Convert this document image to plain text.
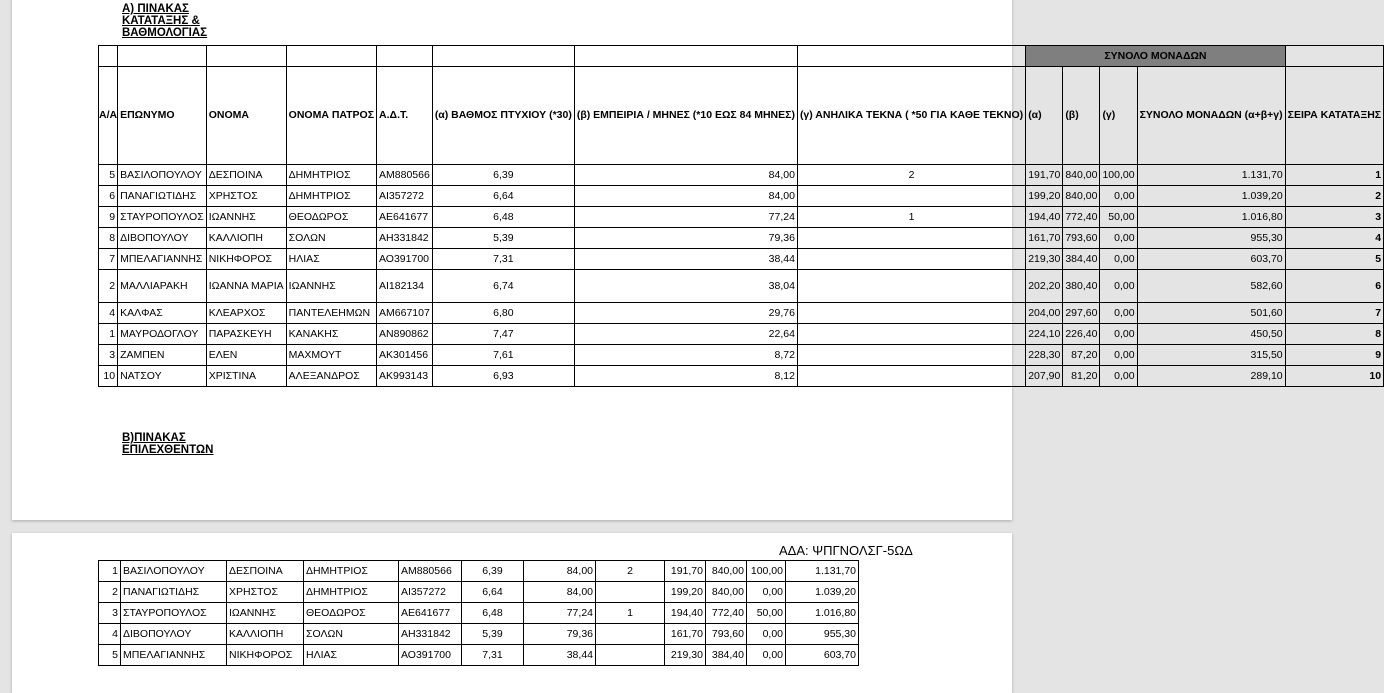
Α) ΠΙΝΑΚΑΣ ΚΑΤΑΤΑΞΗΣ & ΒΑΘΜΟΛΟΓΙΑΣ
								ΣΥΝΟΛΟ ΜΟΝΑΔΩΝ				
Α/Α	ΕΠΩΝΥΜΟ	ΟΝΟΜΑ	ΟΝΟΜΑ ΠΑΤΡΟΣ	Α.Δ.Τ.	(α) ΒΑΘΜΟΣ ΠΤΥΧΙΟΥ (*30)	(β) ΕΜΠΕΙΡΙΑ / ΜΗΝΕΣ (*10 ΕΩΣ 84 ΜΗΝΕΣ)	(γ) ΑΝΗΛΙΚΑ ΤΕΚΝΑ ( *50 ΓΙΑ ΚΑΘΕ ΤΕΚΝΟ)	(α)	(β)	(γ)	ΣΥΝΟΛΟ ΜΟΝΑΔΩΝ (α+β+γ)	ΣΕΙΡΑ ΚΑΤΑΤΑΞΗΣ
5	ΒΑΣΙΛΟΠΟΥΛΟΥ	ΔΕΣΠΟΙΝΑ	ΔΗΜΗΤΡΙΟΣ	ΑΜ880566	6,39	84,00	2	191,70	840,00	100,00	1.131,70	1
6	ΠΑΝΑΓΙΩΤΙΔΗΣ	ΧΡΗΣΤΟΣ	ΔΗΜΗΤΡΙΟΣ	ΑΙ357272	6,64	84,00		199,20	840,00	0,00	1.039,20	2
9	ΣΤΑΥΡΟΠΟΥΛΟΣ	ΙΩΑΝΝΗΣ	ΘΕΟΔΩΡΟΣ	ΑΕ641677	6,48	77,24	1	194,40	772,40	50,00	1.016,80	3
8	ΔΙΒΟΠΟΥΛΟΥ	ΚΑΛΛΙΟΠΗ	ΣΟΛΩΝ	ΑΗ331842	5,39	79,36		161,70	793,60	0,00	955,30	4
7	ΜΠΕΛΑΓΙΑΝΝΗΣ	ΝΙΚΗΦΟΡΟΣ	ΗΛΙΑΣ	ΑΟ391700	7,31	38,44		219,30	384,40	0,00	603,70	5
2	ΜΑΛΛΙΑΡΑΚΗ	ΙΩΑΝΝΑ ΜΑΡΙΑ	ΙΩΑΝΝΗΣ	ΑΙ182134	6,74	38,04		202,20	380,40	0,00	582,60	6
4	ΚΑΛΦΑΣ	ΚΛΕΑΡΧΟΣ	ΠΑΝΤΕΛΕΗΜΩΝ	ΑΜ667107	6,80	29,76		204,00	297,60	0,00	501,60	7
1	ΜΑΥΡΟΔΟΓΛΟΥ	ΠΑΡΑΣΚΕΥΗ	ΚΑΝΑΚΗΣ	ΑΝ890862	7,47	22,64		224,10	226,40	0,00	450,50	8
3	ΖΑΜΠΕΝ	ΕΛΕΝ	ΜΑΧΜΟΥΤ	ΑΚ301456	7,61	8,72		228,30	87,20	0,00	315,50	9
10	ΝΑΤΣΟΥ	ΧΡΙΣΤΙΝΑ	ΑΛΕΞΑΝΔΡΟΣ	ΑΚ993143	6,93	8,12		207,90	81,20	0,00	289,10	10
Β)ΠΙΝΑΚΑΣ ΕΠΙΛΕΧΘΕΝΤΩΝ
ΑΔΑ: ΨΠΓΝΟΛΣΓ-5ΩΔ
1	ΒΑΣΙΛΟΠΟΥΛΟΥ	ΔΕΣΠΟΙΝΑ	ΔΗΜΗΤΡΙΟΣ	ΑΜ880566	6,39	84,00	2	191,70	840,00	100,00	1.131,70
2	ΠΑΝΑΓΙΩΤΙΔΗΣ	ΧΡΗΣΤΟΣ	ΔΗΜΗΤΡΙΟΣ	ΑΙ357272	6,64	84,00		199,20	840,00	0,00	1.039,20
3	ΣΤΑΥΡΟΠΟΥΛΟΣ	ΙΩΑΝΝΗΣ	ΘΕΟΔΩΡΟΣ	ΑΕ641677	6,48	77,24	1	194,40	772,40	50,00	1.016,80
4	ΔΙΒΟΠΟΥΛΟΥ	ΚΑΛΛΙΟΠΗ	ΣΟΛΩΝ	ΑΗ331842	5,39	79,36		161,70	793,60	0,00	955,30
5	ΜΠΕΛΑΓΙΑΝΝΗΣ	ΝΙΚΗΦΟΡΟΣ	ΗΛΙΑΣ	ΑΟ391700	7,31	38,44		219,30	384,40	0,00	603,70
